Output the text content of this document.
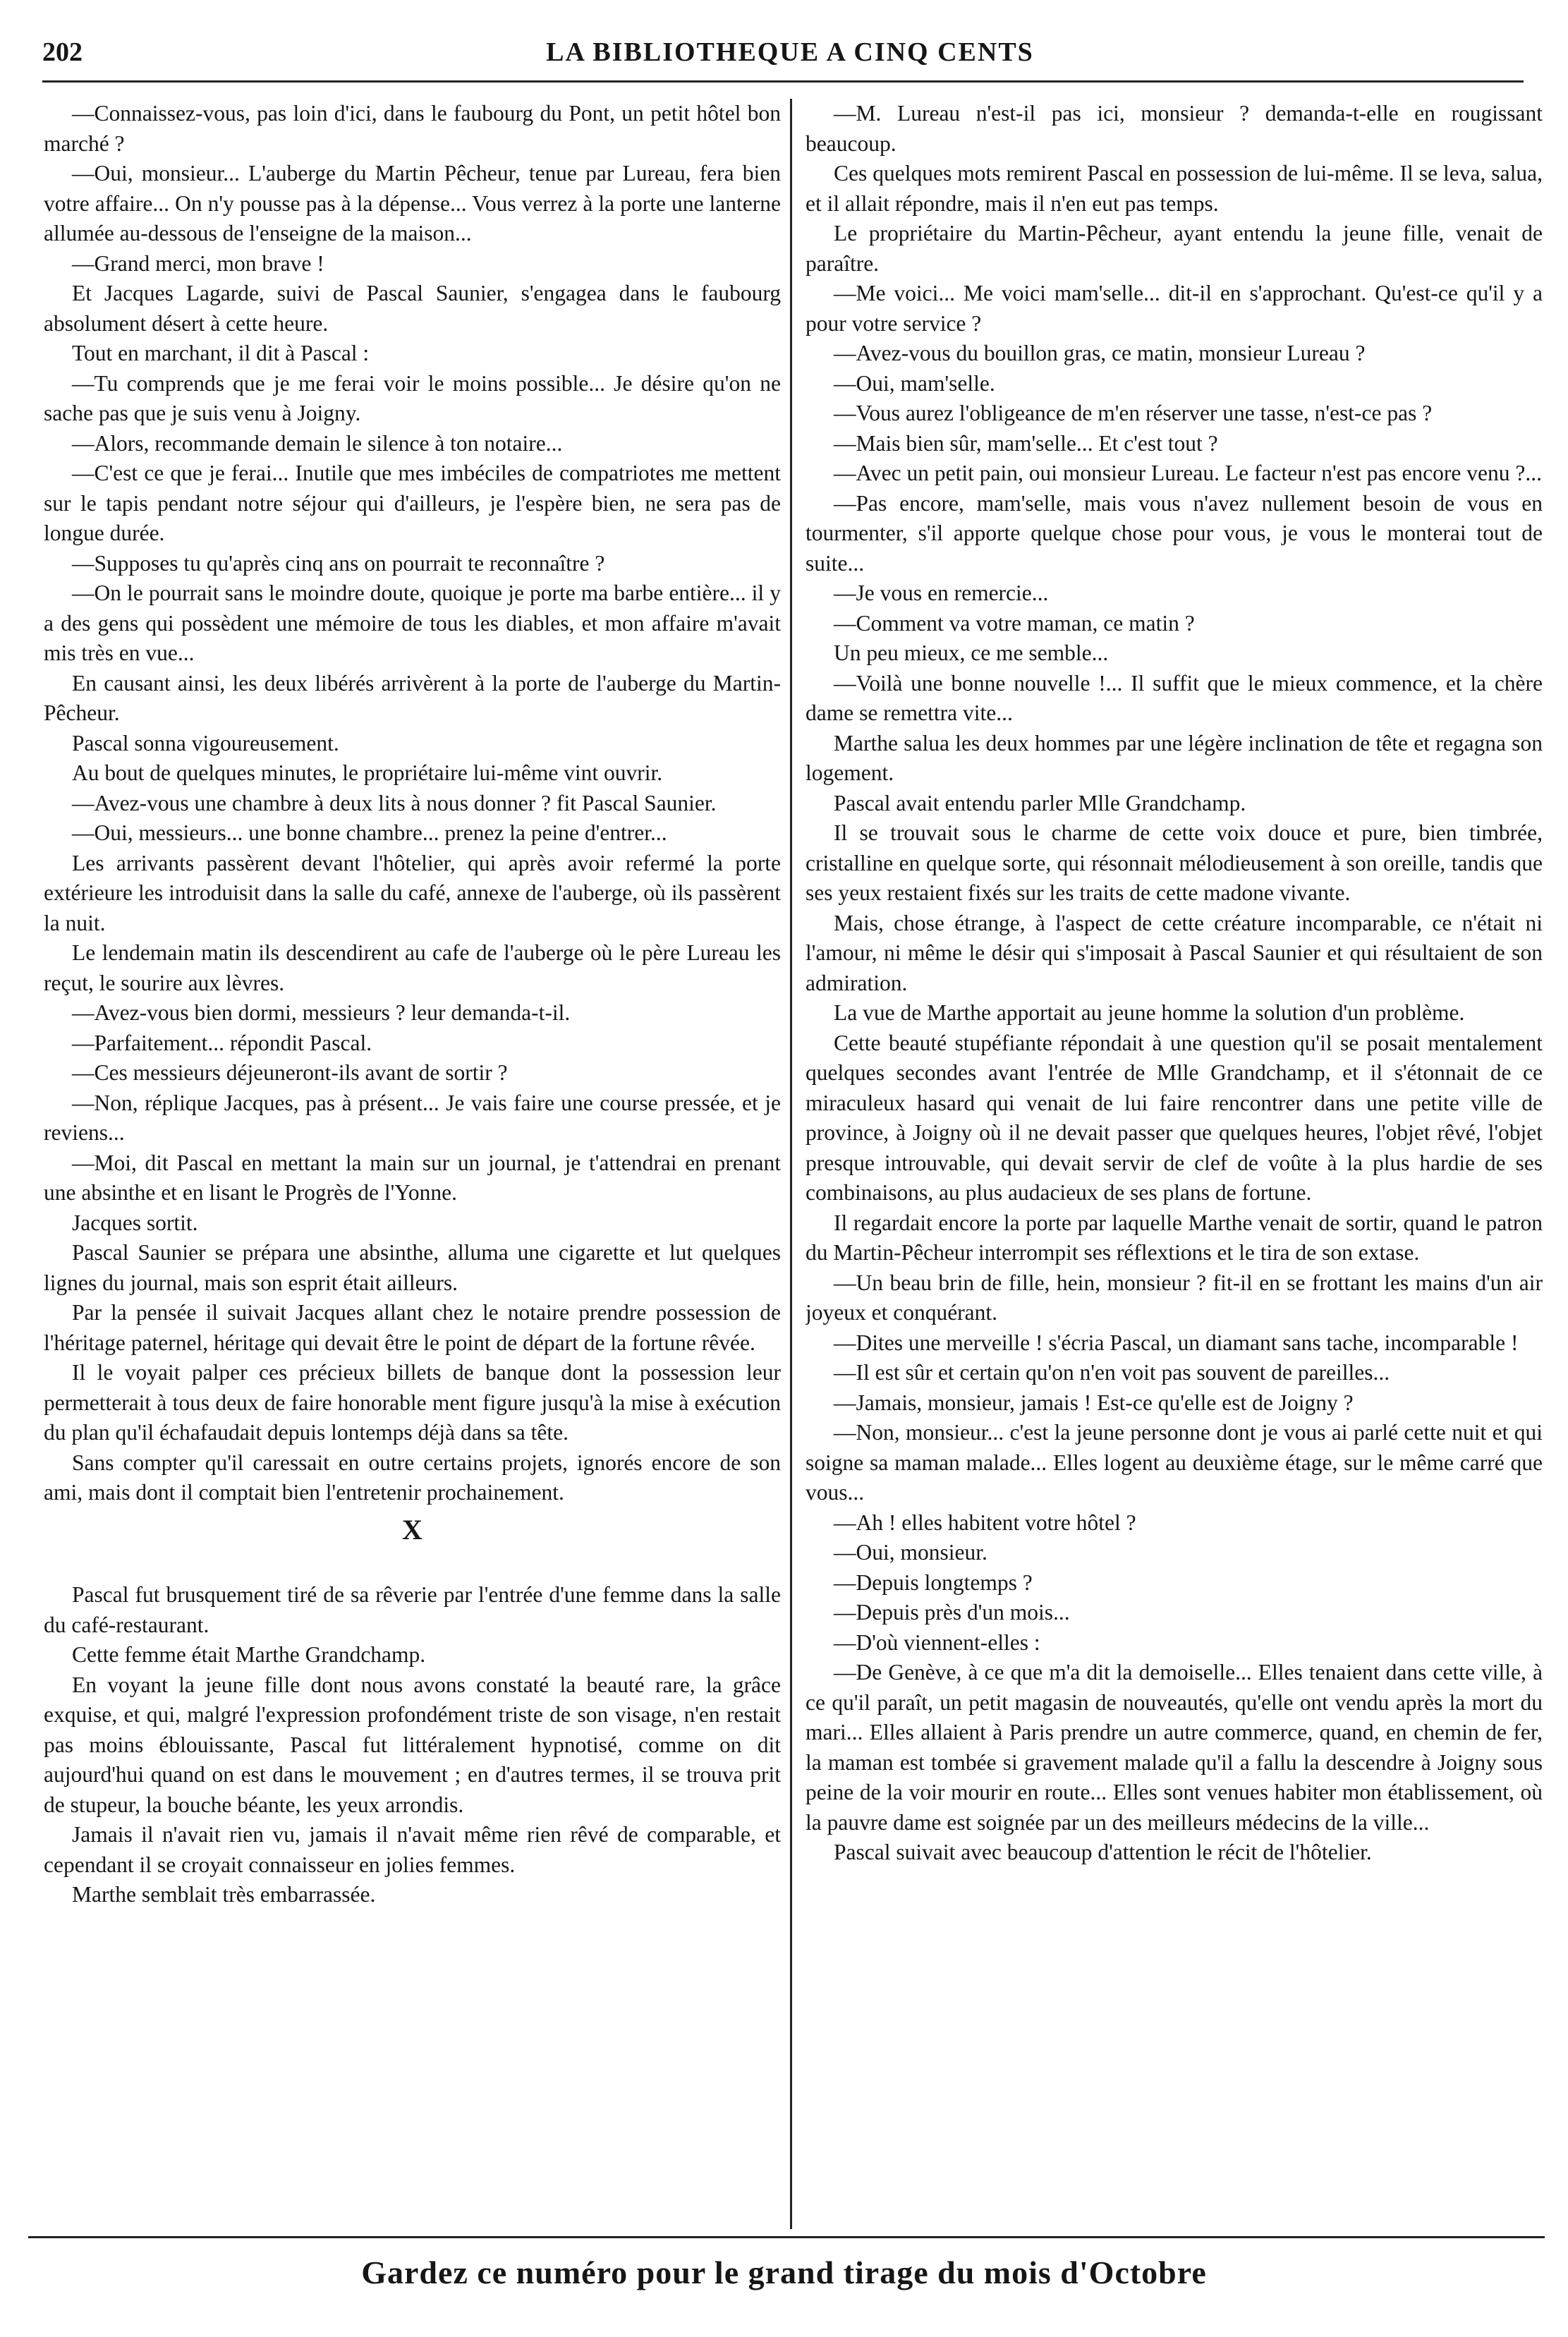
202	LA BIBLIOTHEQUE A CINQ CENTS

—Connaissez-vous, pas loin d'ici, dans le faubourg du Pont, un petit hôtel bon marché ?

—Oui, monsieur... L'auberge du Martin Pêcheur, tenue par Lureau, fera bien votre affaire... On n'y pousse pas à la dépense... Vous verrez à la porte une lanterne allumée au-dessous de l'enseigne de la maison...

—Grand merci, mon brave !

Et Jacques Lagarde, suivi de Pascal Saunier, s'engagea dans le faubourg absolument désert à cette heure.

Tout en marchant, il dit à Pascal :

—Tu comprends que je me ferai voir le moins possible... Je désire qu'on ne sache pas que je suis venu à Joigny.

—Alors, recommande demain le silence à ton notaire...

—C'est ce que je ferai... Inutile que mes imbéciles de compatriotes me mettent sur le tapis pendant notre séjour qui d'ailleurs, je l'espère bien, ne sera pas de longue durée.

—Supposes tu qu'après cinq ans on pourrait te reconnaître ?

—On le pourrait sans le moindre doute, quoique je porte ma barbe entière... il y a des gens qui possèdent une mémoire de tous les diables, et mon affaire m'avait mis très en vue...

En causant ainsi, les deux libérés arrivèrent à la porte de l'auberge du Martin-Pêcheur.

Pascal sonna vigoureusement.

Au bout de quelques minutes, le propriétaire lui-même vint ouvrir.

—Avez-vous une chambre à deux lits à nous donner ? fit Pascal Saunier.

—Oui, messieurs... une bonne chambre... prenez la peine d'entrer...

Les arrivants passèrent devant l'hôtelier, qui après avoir refermé la porte extérieure les introduisit dans la salle du café, annexe de l'auberge, où ils passèrent la nuit.

Le lendemain matin ils descendirent au cafe de l'auberge où le père Lureau les reçut, le sourire aux lèvres.

—Avez-vous bien dormi, messieurs ? leur demanda-t-il.

—Parfaitement... répondit Pascal.

—Ces messieurs déjeuneront-ils avant de sortir ?

—Non, réplique Jacques, pas à présent... Je vais faire une course pressée, et je reviens...

—Moi, dit Pascal en mettant la main sur un journal, je t'attendrai en prenant une absinthe et en lisant le Progrès de l'Yonne.

Jacques sortit.

Pascal Saunier se prépara une absinthe, alluma une cigarette et lut quelques lignes du journal, mais son esprit était ailleurs.

Par la pensée il suivait Jacques allant chez le notaire prendre possession de l'héritage paternel, héritage qui devait être le point de départ de la fortune rêvée.

Il le voyait palper ces précieux billets de banque dont la possession leur permetterait à tous deux de faire honorable ment figure jusqu'à la mise à exécution du plan qu'il échafaudait depuis lontemps déjà dans sa tête.

Sans compter qu'il caressait en outre certains projets, ignorés encore de son ami, mais dont il comptait bien l'entretenir prochainement.

X

Pascal fut brusquement tiré de sa rêverie par l'entrée d'une femme dans la salle du café-restaurant.

Cette femme était Marthe Grandchamp.

En voyant la jeune fille dont nous avons constaté la beauté rare, la grâce exquise, et qui, malgré l'expression profondément triste de son visage, n'en restait pas moins éblouissante, Pascal fut littéralement hypnotisé, comme on dit aujourd'hui quand on est dans le mouvement ; en d'autres termes, il se trouva prit de stupeur, la bouche béante, les yeux arrondis.

Jamais il n'avait rien vu, jamais il n'avait même rien rêvé de comparable, et cependant il se croyait connaisseur en jolies femmes.

Marthe semblait très embarrassée.

—M. Lureau n'est-il pas ici, monsieur ? demanda-t-elle en rougissant beaucoup.

Ces quelques mots remirent Pascal en possession de lui-même. Il se leva, salua, et il allait répondre, mais il n'en eut pas temps.

Le propriétaire du Martin-Pêcheur, ayant entendu la jeune fille, venait de paraître.

—Me voici... Me voici mam'selle... dit-il en s'approchant. Qu'est-ce qu'il y a pour votre service ?

—Avez-vous du bouillon gras, ce matin, monsieur Lureau ?

—Oui, mam'selle.

—Vous aurez l'obligeance de m'en réserver une tasse, n'est-ce pas ?

—Mais bien sûr, mam'selle... Et c'est tout ?

—Avec un petit pain, oui monsieur Lureau. Le facteur n'est pas encore venu ?...

—Pas encore, mam'selle, mais vous n'avez nullement besoin de vous en tourmenter, s'il apporte quelque chose pour vous, je vous le monterai tout de suite...

—Je vous en remercie...

—Comment va votre maman, ce matin ?

Un peu mieux, ce me semble...

—Voilà une bonne nouvelle !... Il suffit que le mieux commence, et la chère dame se remettra vite...

Marthe salua les deux hommes par une légère inclination de tête et regagna son logement.

Pascal avait entendu parler Mlle Grandchamp.

Il se trouvait sous le charme de cette voix douce et pure, bien timbrée, cristalline en quelque sorte, qui résonnait mélodieusement à son oreille, tandis que ses yeux restaient fixés sur les traits de cette madone vivante.

Mais, chose étrange, à l'aspect de cette créature incomparable, ce n'était ni l'amour, ni même le désir qui s'imposait à Pascal Saunier et qui résultaient de son admiration.

La vue de Marthe apportait au jeune homme la solution d'un problème.

Cette beauté stupéfiante répondait à une question qu'il se posait mentalement quelques secondes avant l'entrée de Mlle Grandchamp, et il s'étonnait de ce miraculeux hasard qui venait de lui faire rencontrer dans une petite ville de province, à Joigny où il ne devait passer que quelques heures, l'objet rêvé, l'objet presque introuvable, qui devait servir de clef de voûte à la plus hardie de ses combinaisons, au plus audacieux de ses plans de fortune.

Il regardait encore la porte par laquelle Marthe venait de sortir, quand le patron du Martin-Pêcheur interrompit ses réflextions et le tira de son extase.

—Un beau brin de fille, hein, monsieur ? fit-il en se frottant les mains d'un air joyeux et conquérant.

—Dites une merveille ! s'écria Pascal, un diamant sans tache, incomparable !

—Il est sûr et certain qu'on n'en voit pas souvent de pareilles...

—Jamais, monsieur, jamais ! Est-ce qu'elle est de Joigny ?

—Non, monsieur... c'est la jeune personne dont je vous ai parlé cette nuit et qui soigne sa maman malade... Elles logent au deuxième étage, sur le même carré que vous...

—Ah ! elles habitent votre hôtel ?

—Oui, monsieur.

—Depuis longtemps ?

—Depuis près d'un mois...

—D'où viennent-elles :

—De Genève, à ce que m'a dit la demoiselle... Elles tenaient dans cette ville, à ce qu'il paraît, un petit magasin de nouveautés, qu'elle ont vendu après la mort du mari... Elles allaient à Paris prendre un autre commerce, quand, en chemin de fer, la maman est tombée si gravement malade qu'il a fallu la descendre à Joigny sous peine de la voir mourir en route... Elles sont venues habiter mon établissement, où la pauvre dame est soignée par un des meilleurs médecins de la ville...

Pascal suivait avec beaucoup d'attention le récit de l'hôtelier.

Gardez ce numéro pour le grand tirage du mois d'Octobre
